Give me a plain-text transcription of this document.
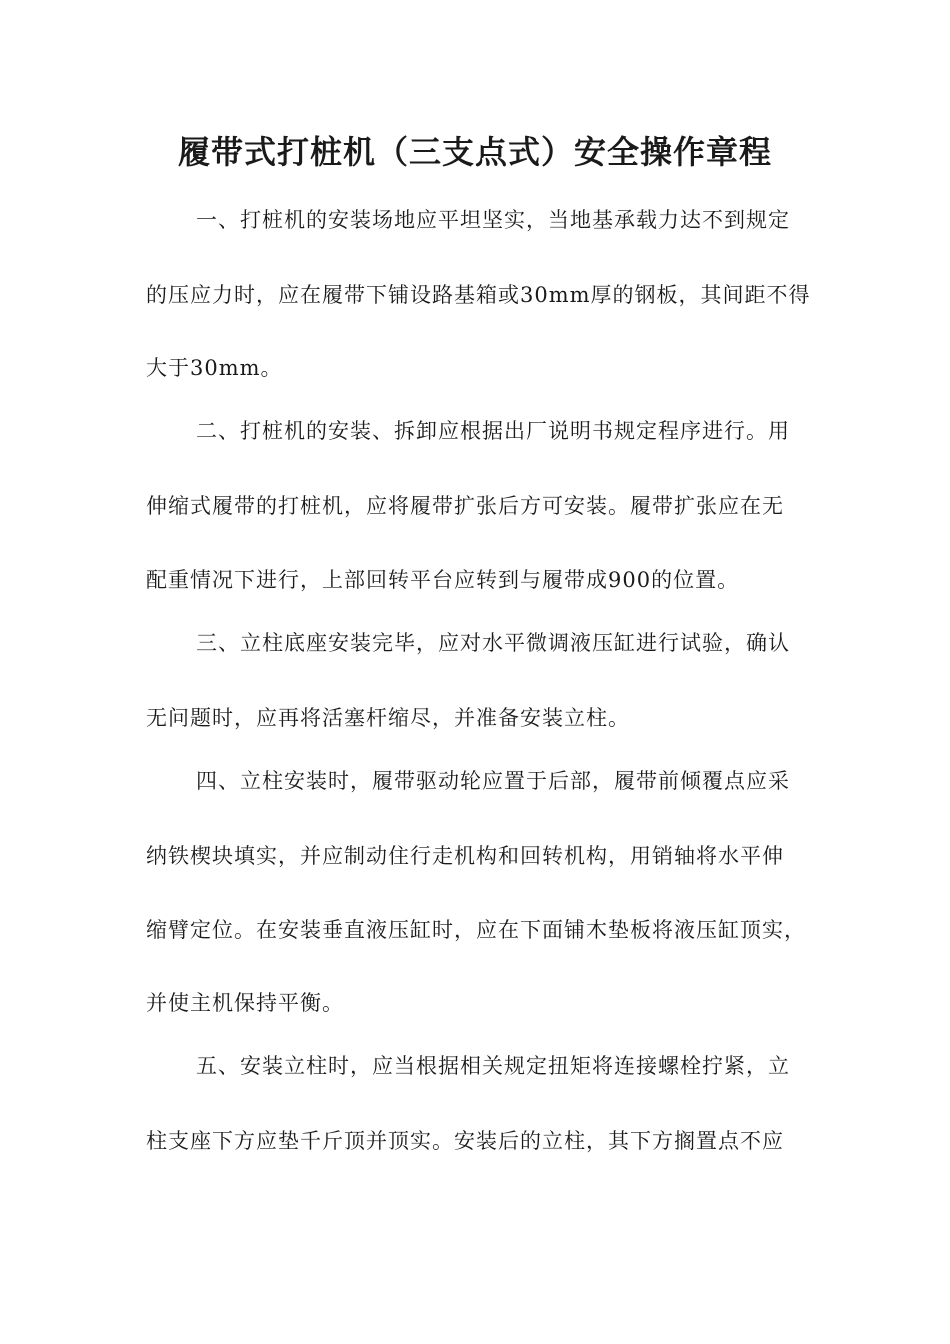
履带式打桩机（三支点式）安全操作章程
一、打桩机的安装场地应平坦坚实，当地基承载力达不到规定
的压应力时，应在履带下铺设路基箱或30mm厚的钢板，其间距不得
大于30mm。
二、打桩机的安装、拆卸应根据出厂说明书规定程序进行。用
伸缩式履带的打桩机，应将履带扩张后方可安装。履带扩张应在无
配重情况下进行，上部回转平台应转到与履带成900的位置。
三、立柱底座安装完毕，应对水平微调液压缸进行试验，确认
无问题时，应再将活塞杆缩尽，并准备安装立柱。
四、立柱安装时，履带驱动轮应置于后部，履带前倾覆点应采
纳铁楔块填实，并应制动住行走机构和回转机构，用销轴将水平伸
缩臂定位。在安装垂直液压缸时，应在下面铺木垫板将液压缸顶实，
并使主机保持平衡。
五、安装立柱时，应当根据相关规定扭矩将连接螺栓拧紧，立
柱支座下方应垫千斤顶并顶实。安装后的立柱，其下方搁置点不应
